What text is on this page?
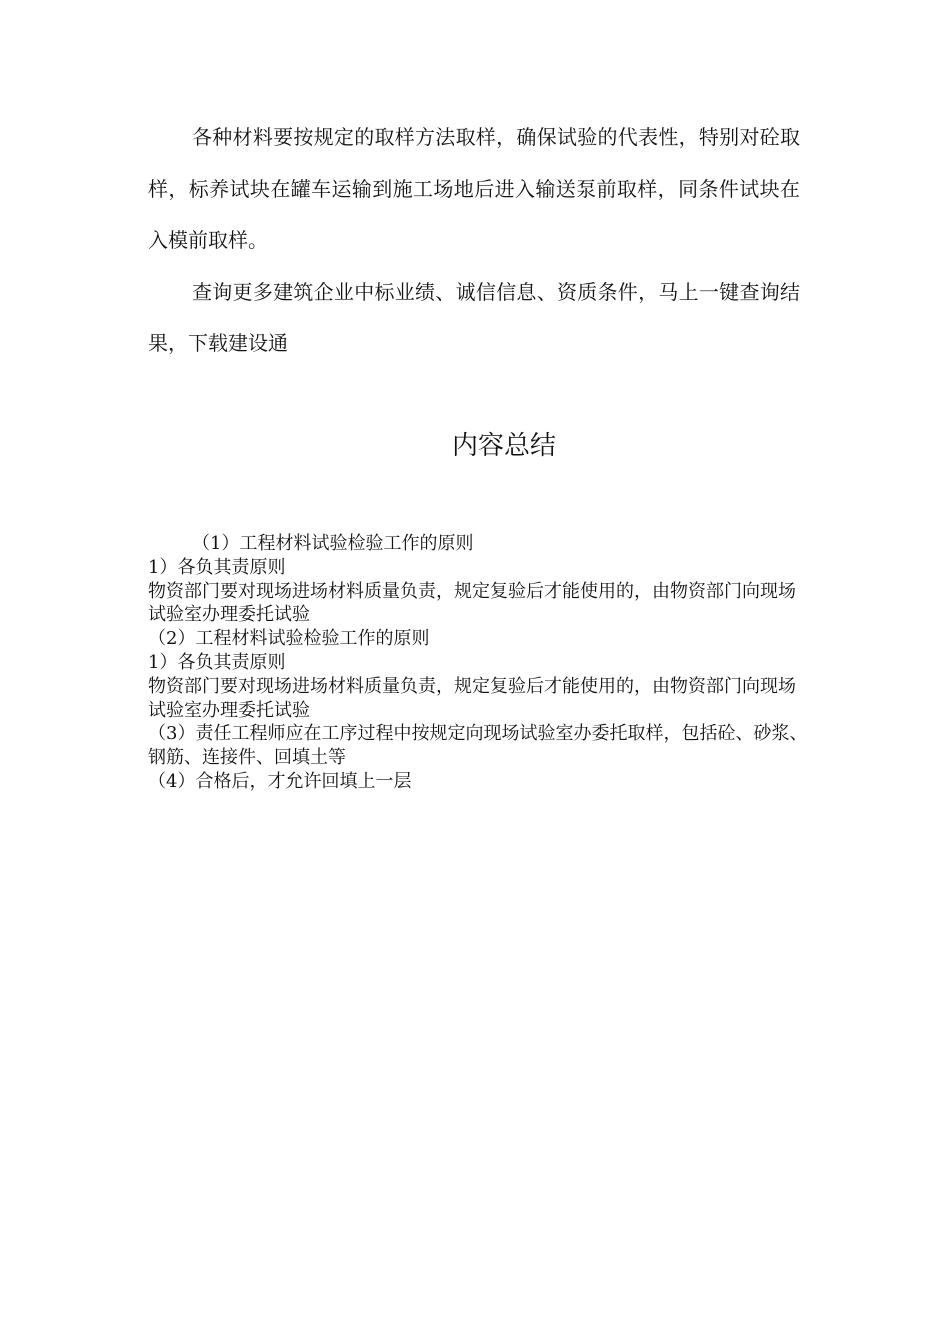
各种材料要按规定的取样方法取样，确保试验的代表性，特别对砼取样，标养试块在罐车运输到施工场地后进入输送泵前取样，同条件试块在入模前取样。

查询更多建筑企业中标业绩、诚信信息、资质条件，马上一键查询结果，下载建设通

内容总结

（1）工程材料试验检验工作的原则

1）各负其责原则

物资部门要对现场进场材料质量负责，规定复验后才能使用的，由物资部门向现场试验室办理委托试验

（2）工程材料试验检验工作的原则

1）各负其责原则

物资部门要对现场进场材料质量负责，规定复验后才能使用的，由物资部门向现场试验室办理委托试验

（3）责任工程师应在工序过程中按规定向现场试验室办委托取样，包括砼、砂浆、钢筋、连接件、回填土等

（4）合格后，才允许回填上一层
